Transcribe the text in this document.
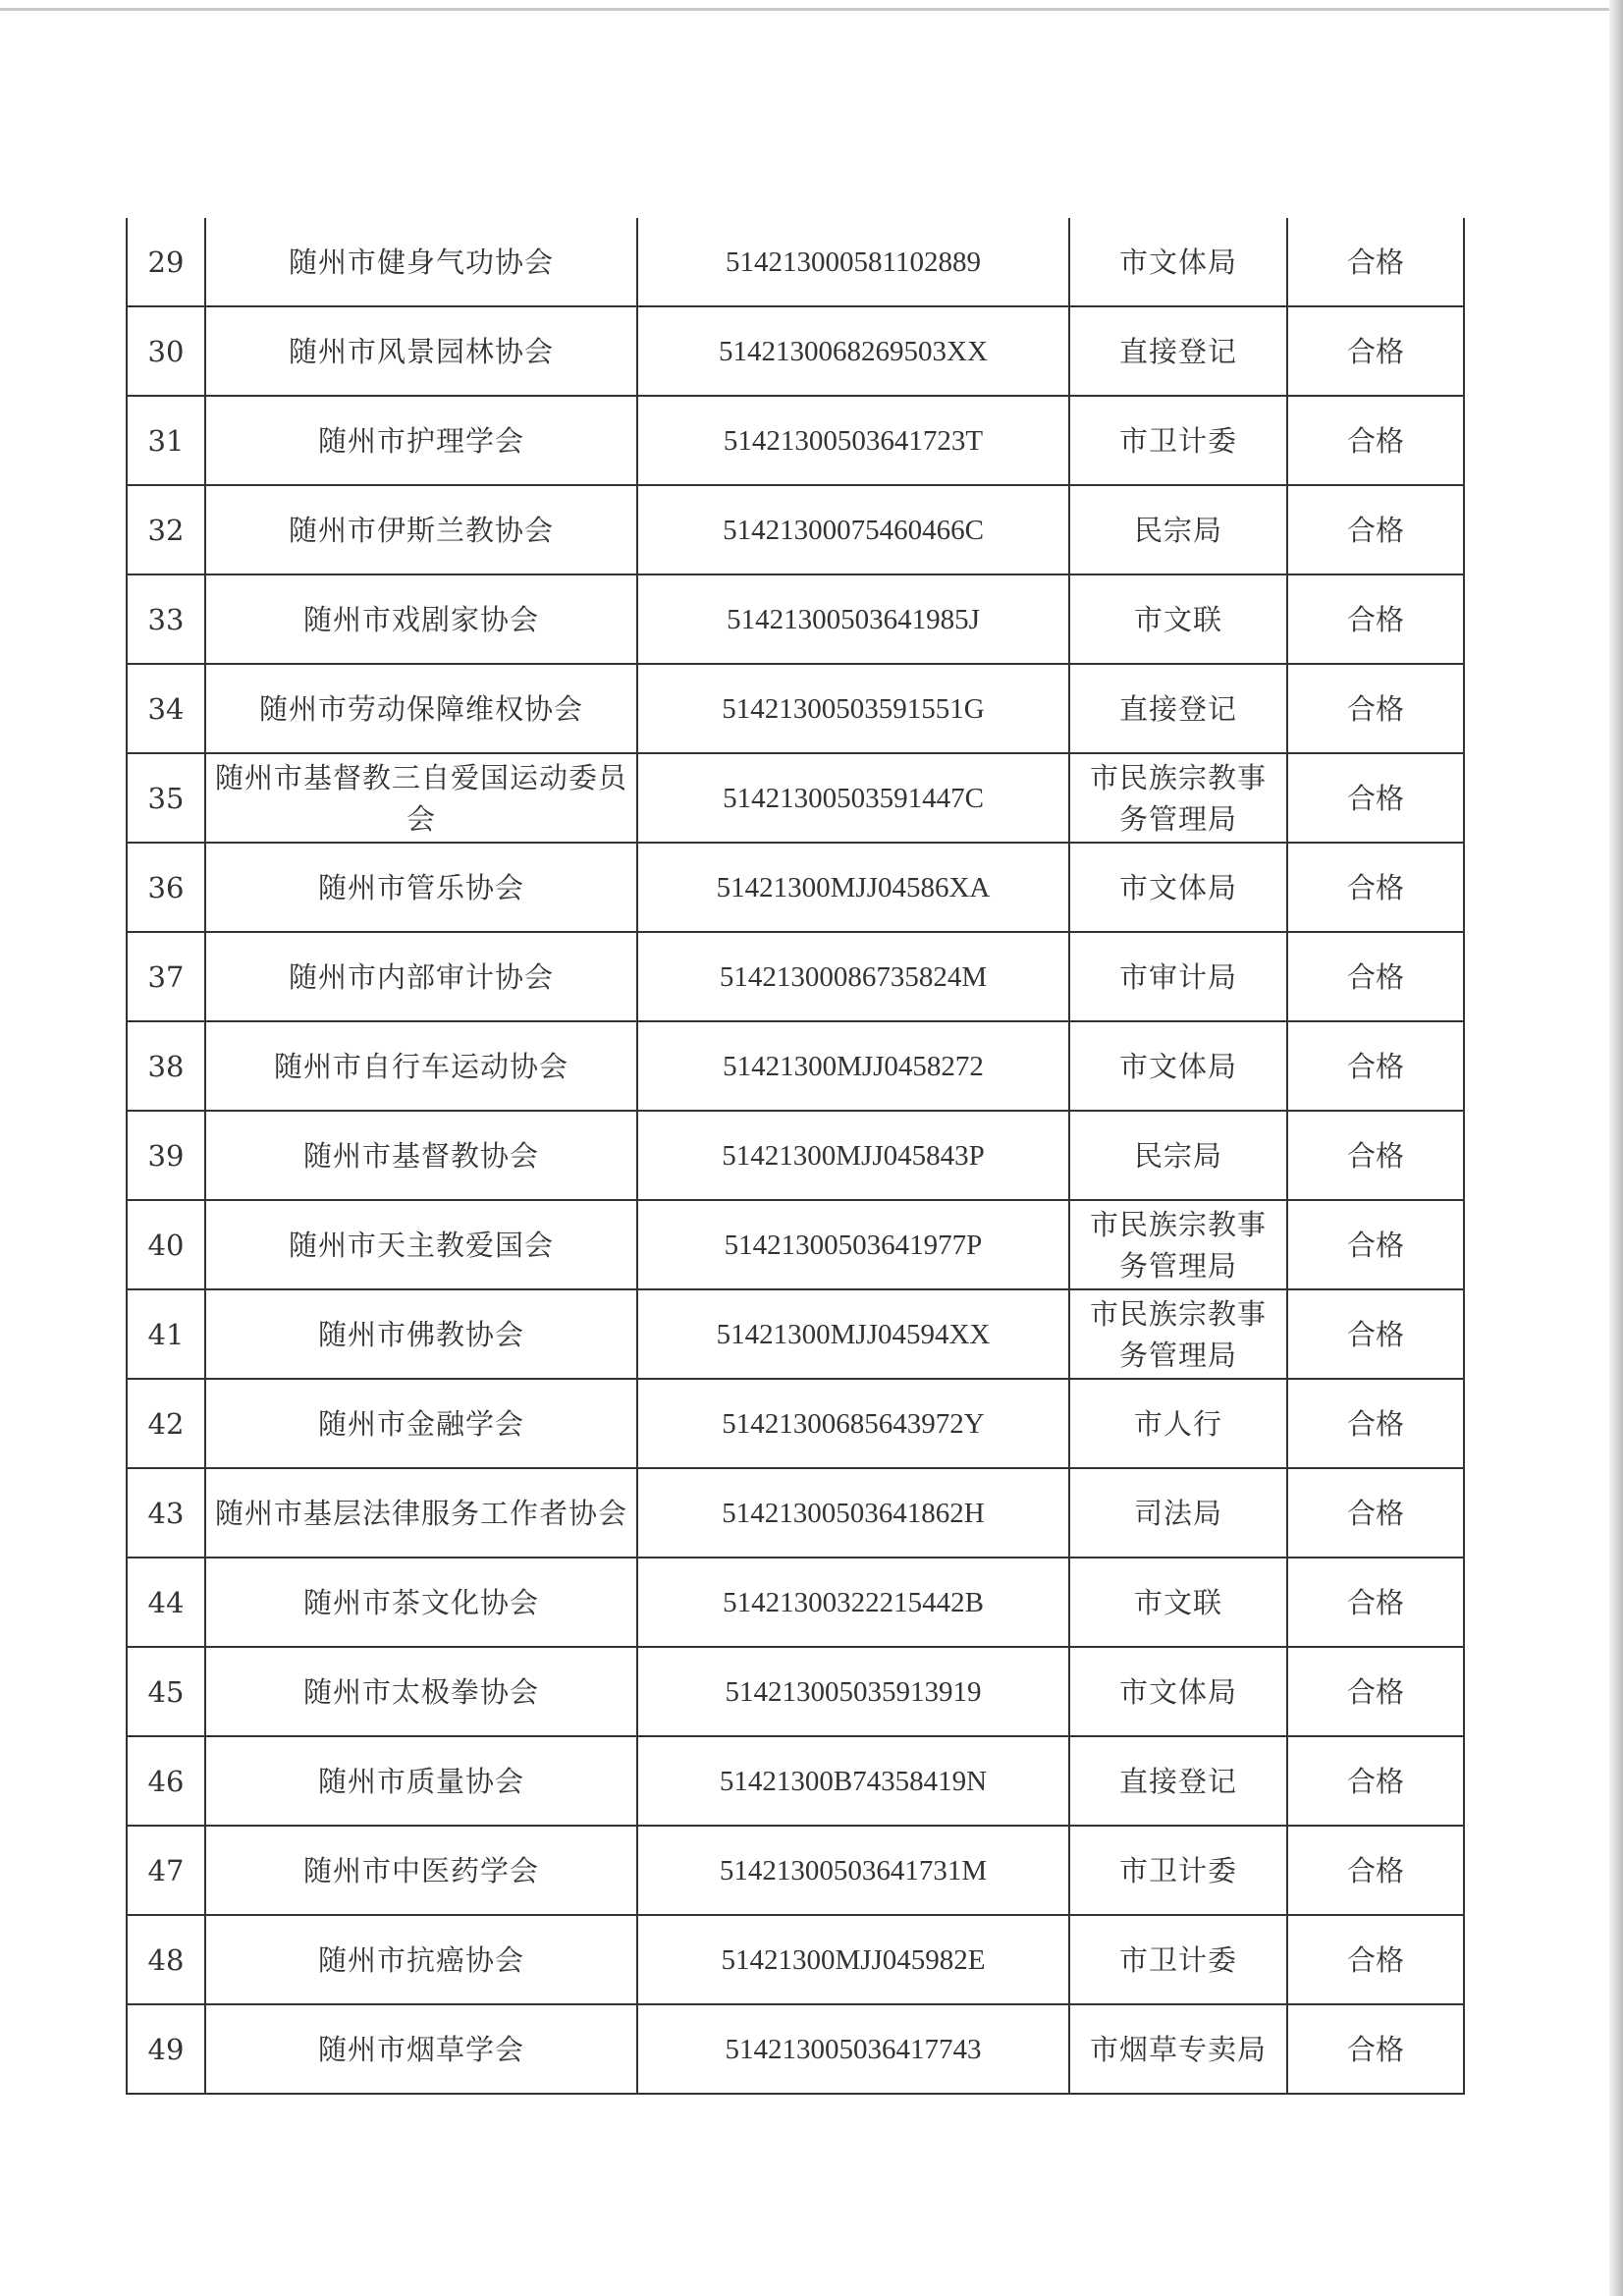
29	随州市健身气功协会	514213000581102889	市文体局	合格
30	随州市风景园林协会	5142130068269503XX	直接登记	合格
31	随州市护理学会	51421300503641723T	市卫计委	合格
32	随州市伊斯兰教协会	51421300075460466C	民宗局	合格
33	随州市戏剧家协会	51421300503641985J	市文联	合格
34	随州市劳动保障维权协会	51421300503591551G	直接登记	合格
35	随州市基督教三自爱国运动委员会	51421300503591447C	市民族宗教事务管理局	合格
36	随州市管乐协会	51421300MJJ04586XA	市文体局	合格
37	随州市内部审计协会	51421300086735824M	市审计局	合格
38	随州市自行车运动协会	51421300MJJ0458272	市文体局	合格
39	随州市基督教协会	51421300MJJ045843P	民宗局	合格
40	随州市天主教爱国会	51421300503641977P	市民族宗教事务管理局	合格
41	随州市佛教协会	51421300MJJ04594XX	市民族宗教事务管理局	合格
42	随州市金融学会	51421300685643972Y	市人行	合格
43	随州市基层法律服务工作者协会	51421300503641862H	司法局	合格
44	随州市茶文化协会	51421300322215442B	市文联	合格
45	随州市太极拳协会	514213005035913919	市文体局	合格
46	随州市质量协会	51421300B74358419N	直接登记	合格
47	随州市中医药学会	51421300503641731M	市卫计委	合格
48	随州市抗癌协会	51421300MJJ045982E	市卫计委	合格
49	随州市烟草学会	514213005036417743	市烟草专卖局	合格
